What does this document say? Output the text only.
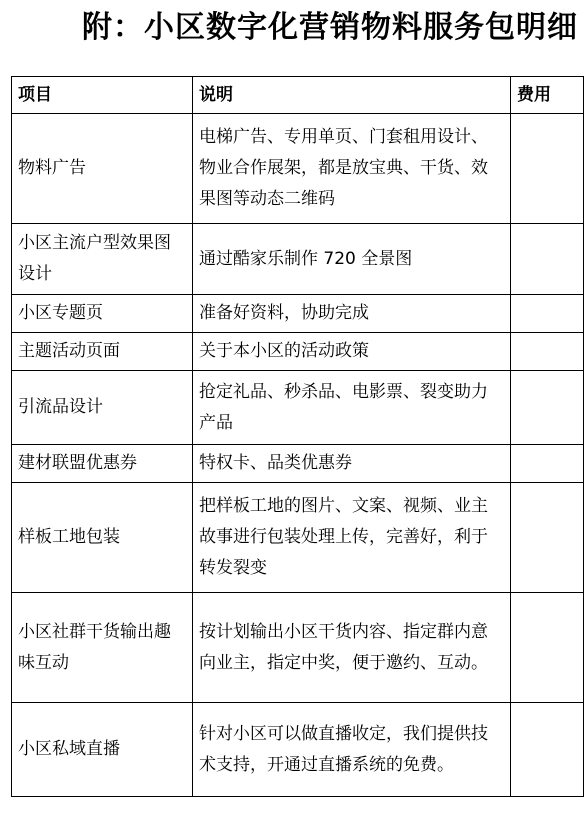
附：小区数字化营销物料服务包明细
项目	说明	费用
物料广告	电梯广告、专用单页、门套租用设计、物业合作展架，都是放宝典、干货、效果图等动态二维码	
小区主流户型效果图设计	通过酷家乐制作 720 全景图	
小区专题页	准备好资料，协助完成	
主题活动页面	关于本小区的活动政策	
引流品设计	抢定礼品、秒杀品、电影票、裂变助力产品	
建材联盟优惠券	特权卡、品类优惠券	
样板工地包装	把样板工地的图片、文案、视频、业主故事进行包装处理上传，完善好，利于转发裂变	
小区社群干货输出趣味互动	按计划输出小区干货内容、指定群内意向业主，指定中奖，便于邀约、互动。	
小区私域直播	针对小区可以做直播收定，我们提供技术支持，开通过直播系统的免费。	
